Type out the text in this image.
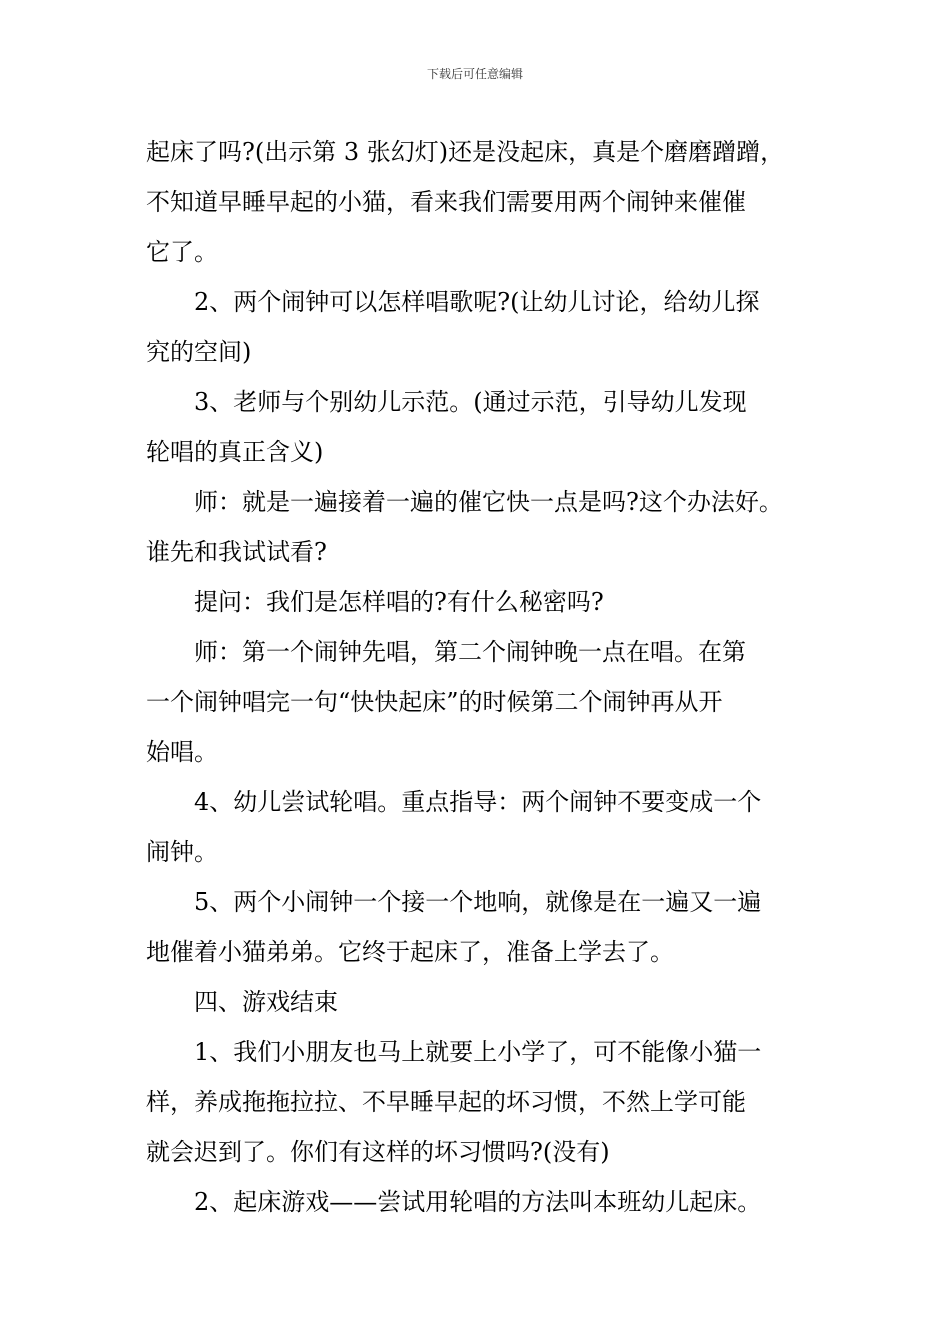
下载后可任意编辑

起床了吗?(出示第 3 张幻灯)还是没起床，真是个磨磨蹭蹭，
不知道早睡早起的小猫，看来我们需要用两个闹钟来催催
它了。

2、两个闹钟可以怎样唱歌呢?(让幼儿讨论，给幼儿探
究的空间)

3、老师与个别幼儿示范。(通过示范，引导幼儿发现
轮唱的真正含义)

师：就是一遍接着一遍的催它快一点是吗?这个办法好。
谁先和我试试看?

提问：我们是怎样唱的?有什么秘密吗?

师：第一个闹钟先唱，第二个闹钟晚一点在唱。在第
一个闹钟唱完一句“快快起床”的时候第二个闹钟再从开
始唱。

4、幼儿尝试轮唱。重点指导：两个闹钟不要变成一个
闹钟。

5、两个小闹钟一个接一个地响，就像是在一遍又一遍
地催着小猫弟弟。它终于起床了，准备上学去了。

四、游戏结束

1、我们小朋友也马上就要上小学了，可不能像小猫一
样，养成拖拖拉拉、不早睡早起的坏习惯，不然上学可能
就会迟到了。你们有这样的坏习惯吗?(没有)

2、起床游戏——尝试用轮唱的方法叫本班幼儿起床。
